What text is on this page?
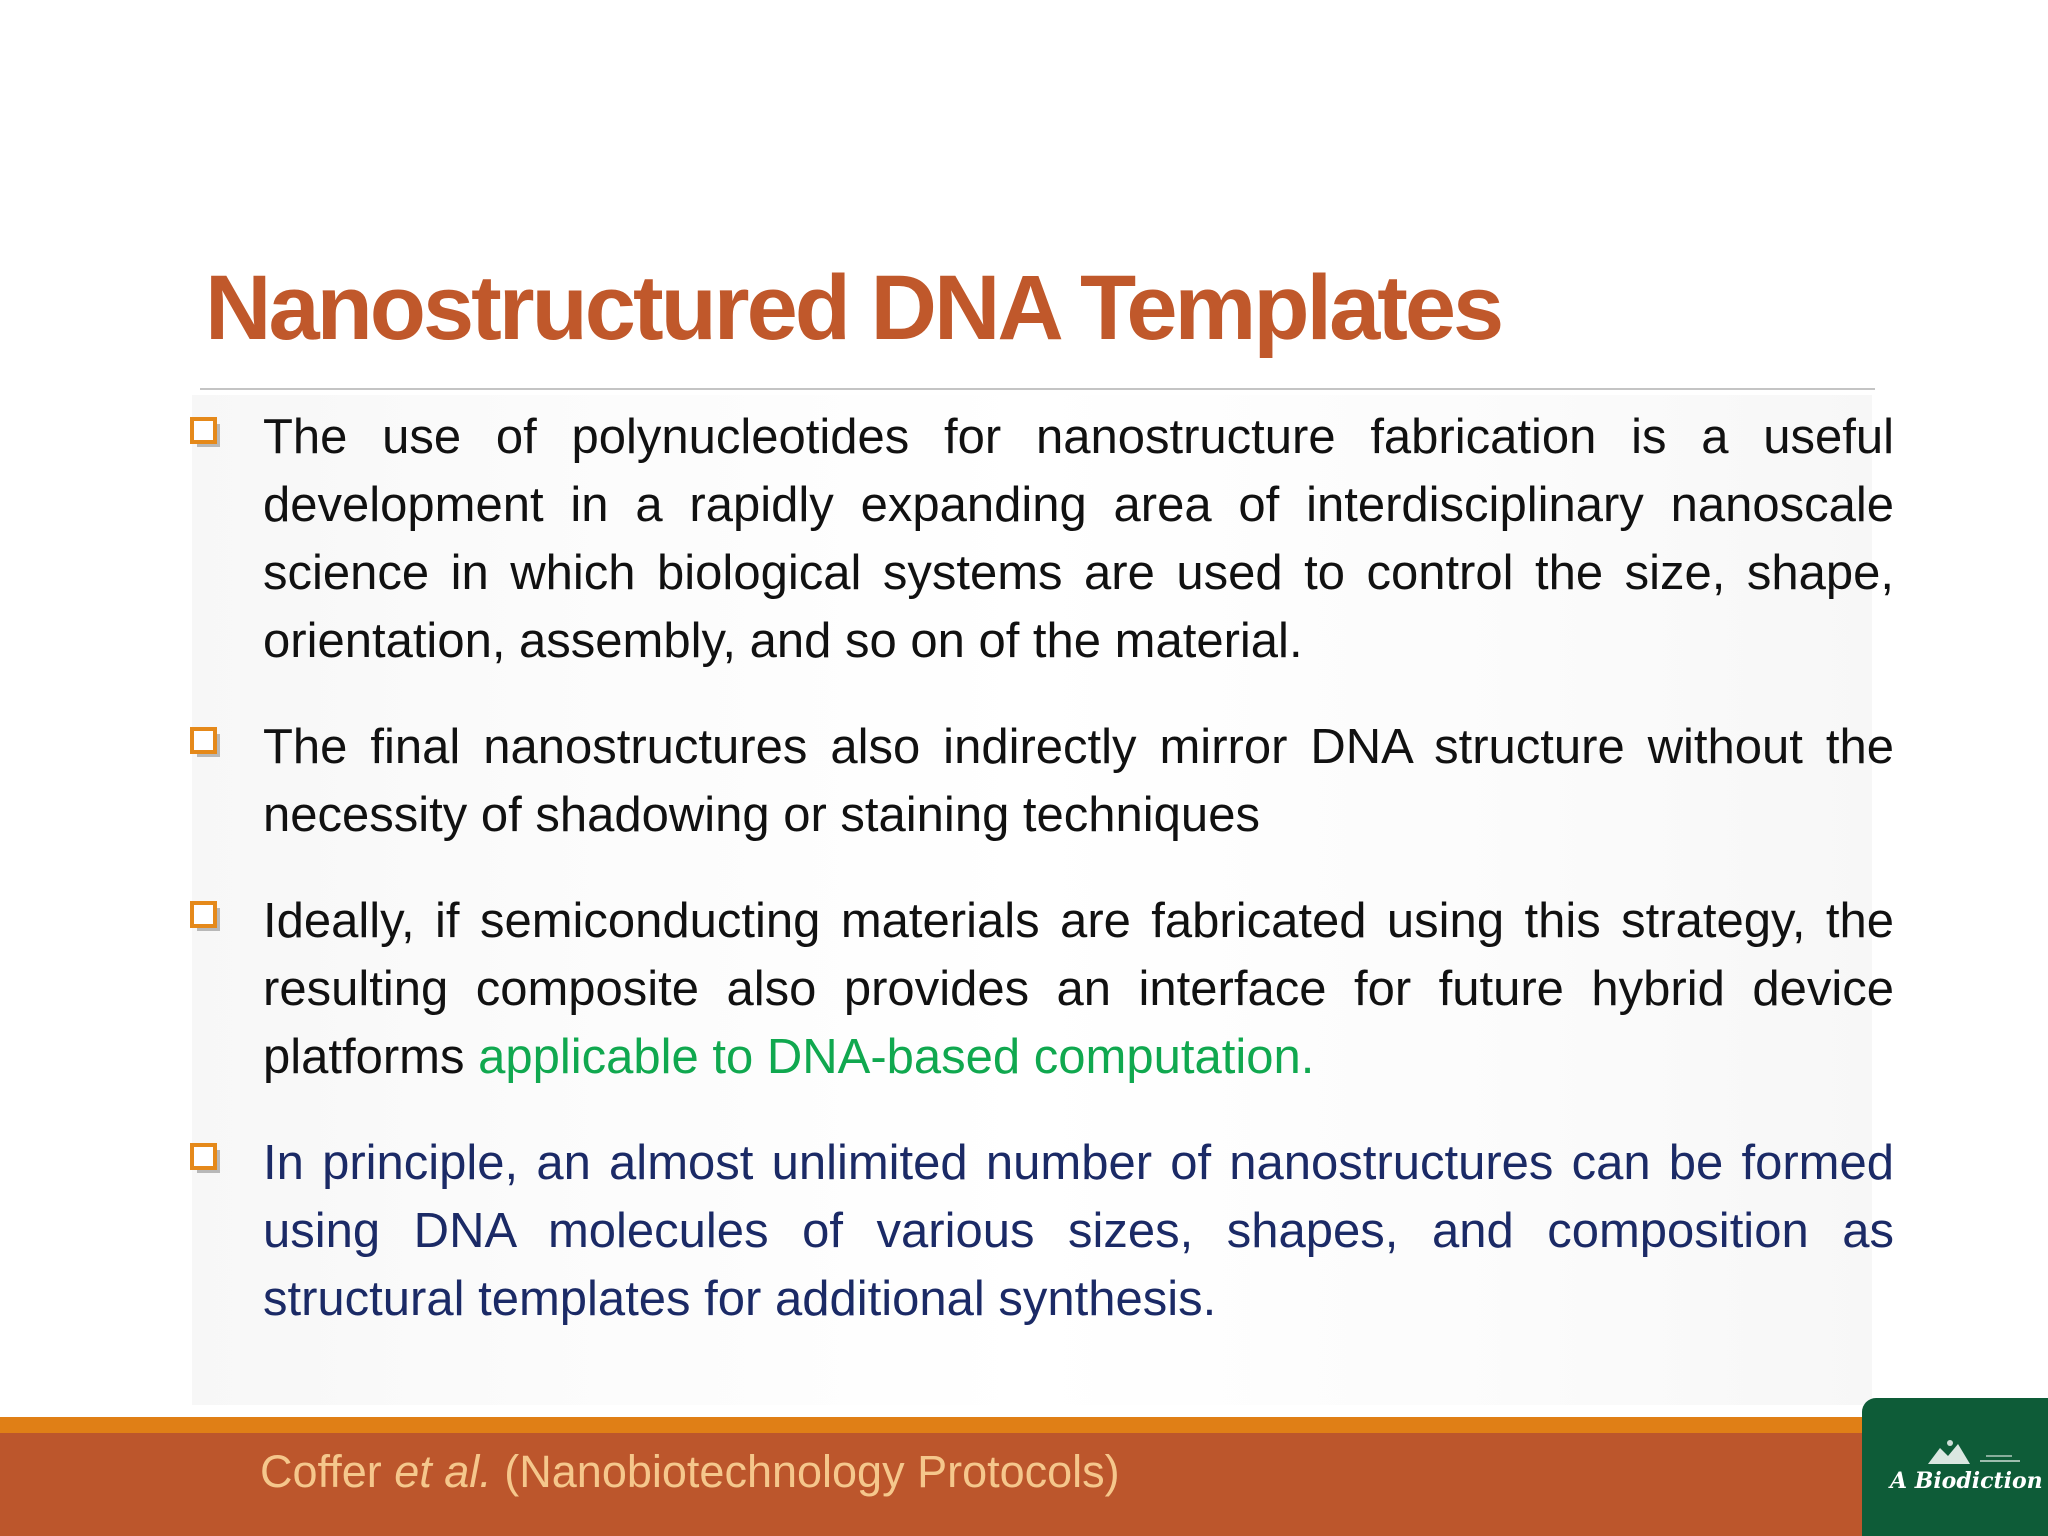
Nanostructured DNA Templates

The use of polynucleotides for nanostructure fabrication is a useful development in a rapidly expanding area of interdisciplinary nanoscale science in which biological systems are used to control the size, shape, orientation, assembly, and so on of the material.

The final nanostructures also indirectly mirror DNA structure without the necessity of shadowing or staining techniques

Ideally, if semiconducting materials are fabricated using this strategy, the resulting composite also provides an interface for future hybrid device platforms applicable to DNA-based computation.

In principle, an almost unlimited number of nanostructures can be formed using DNA molecules of various sizes, shapes, and composition as structural templates for additional synthesis.

Coffer et al. (Nanobiotechnology Protocols)	A Biodiction
